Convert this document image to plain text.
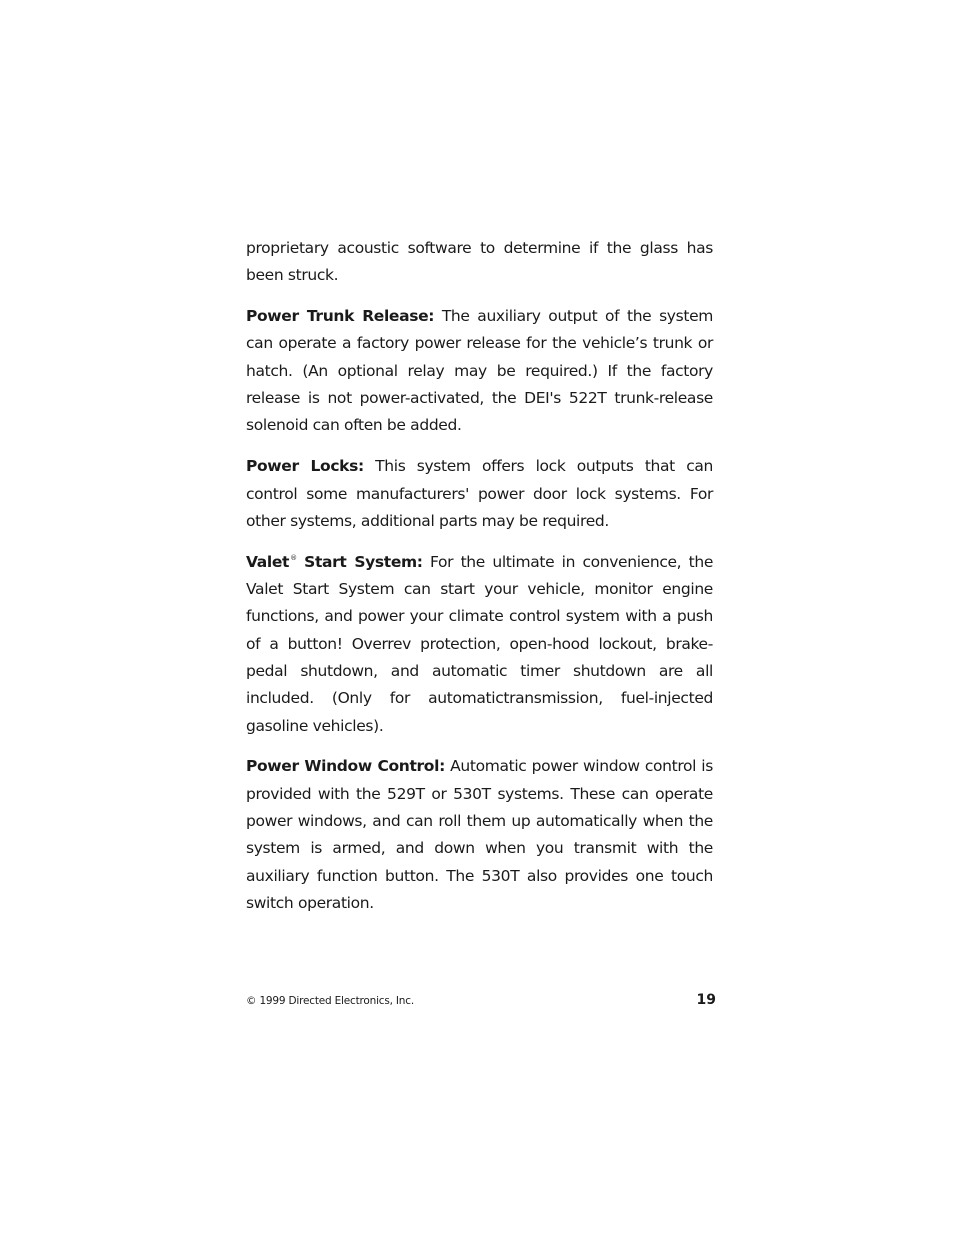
proprietary acoustic software to determine if the glass has been struck.

Power Trunk Release: The auxiliary output of the system can operate a factory power release for the vehicle’s trunk or hatch. (An optional relay may be required.) If the factory release is not power-activated, the DEI's 522T trunk-release solenoid can often be added.

Power Locks: This system offers lock outputs that can control some manufacturers' power door lock systems. For other systems, additional parts may be required.

Valet® Start System: For the ultimate in convenience, the Valet Start System can start your vehicle, monitor engine functions, and power your climate control system with a push of a button! Overrev protection, open-hood lockout, brake-pedal shutdown, and automatic timer shutdown are all included. (Only for automatictransmission, fuel-injected gasoline vehicles).

Power Window Control: Automatic power window control is provided with the 529T or 530T systems. These can operate power windows, and can roll them up automatically when the system is armed, and down when you transmit with the auxiliary function button. The 530T also provides one touch switch operation.

© 1999 Directed Electronics, Inc.	19
